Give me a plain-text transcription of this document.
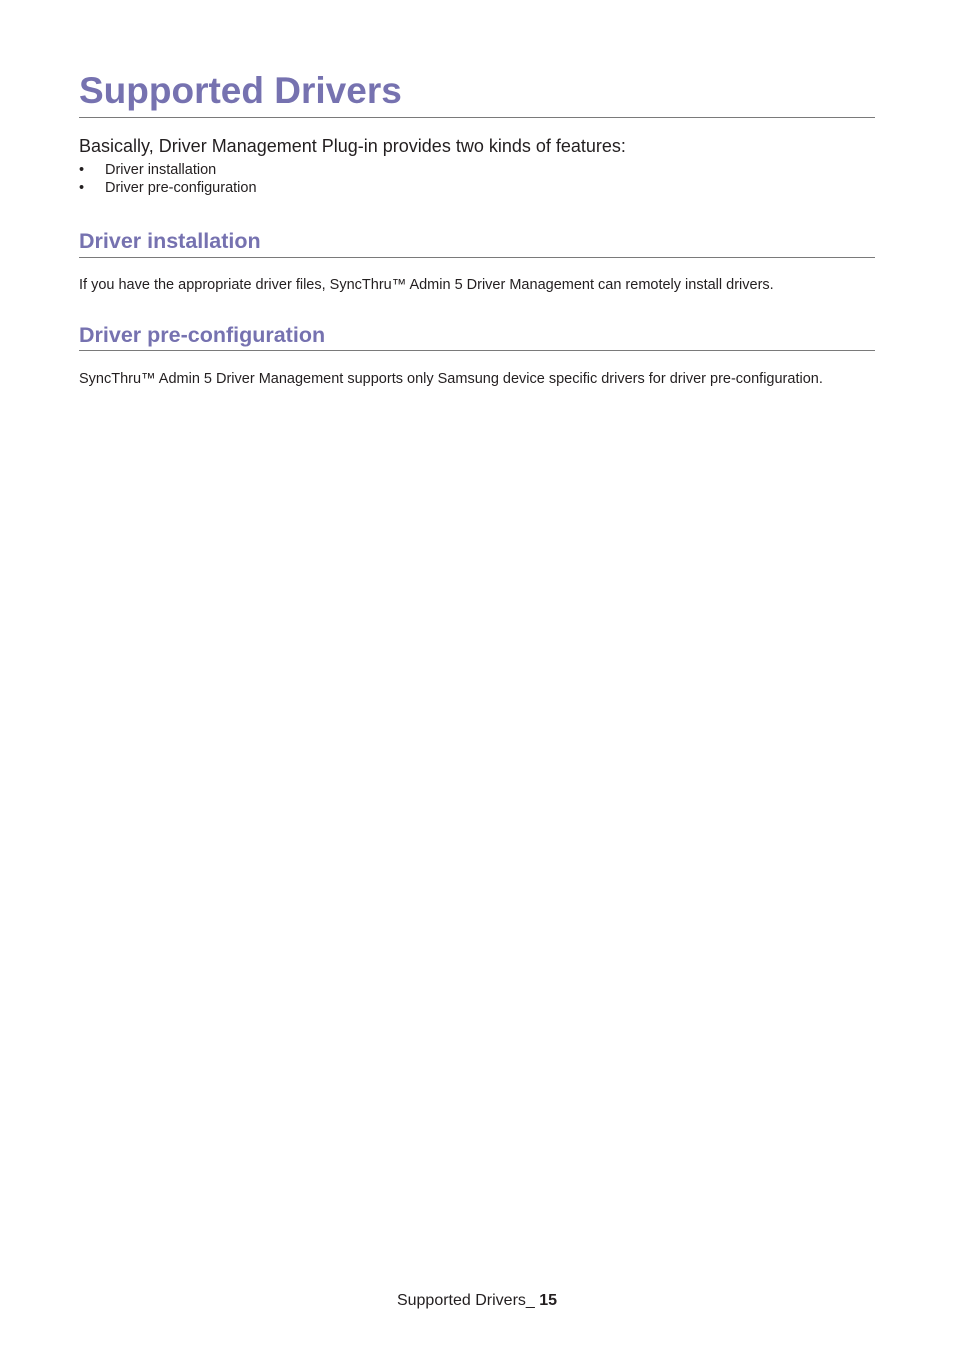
Supported Drivers

Basically, Driver Management Plug-in provides two kinds of features:

• Driver installation
• Driver pre-configuration
Driver installation

If you have the appropriate driver files, SyncThru™ Admin 5 Driver Management can remotely install drivers.

Driver pre-configuration

SyncThru™ Admin 5 Driver Management supports only Samsung device specific drivers for driver pre-configuration.

Supported Drivers_ 15
